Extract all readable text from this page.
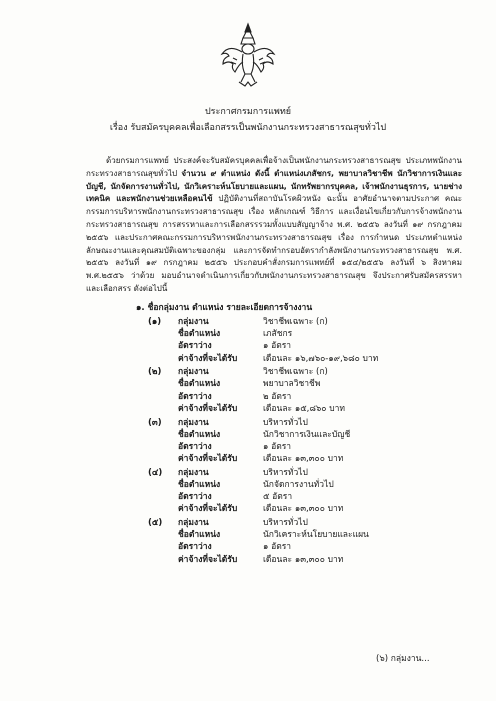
ประกาศกรมการแพทย์
เรื่อง รับสมัครบุคคลเพื่อเลือกสรรเป็นพนักงานกระทรวงสาธารณสุขทั่วไป
ด้วยกรมการแพทย์ ประสงค์จะรับสมัครบุคคลเพื่อจ้างเป็นพนักงานกระทรวงสาธารณสุข ประเภทพนักงานกระทรวงสาธารณสุขทั่วไป จำนวน ๙ ตำแหน่ง ดังนี้ ตำแหน่งเภสัชกร, พยาบาลวิชาชีพ นักวิชาการเงินและบัญชี, นักจัดการงานทั่วไป, นักวิเคราะห์นโยบายและแผน, นักทรัพยากรบุคคล, เจ้าพนักงานธุรการ, นายช่างเทคนิค และพนักงานช่วยเหลือคนไข้ ปฏิบัติงานที่สถาบันโรคผิวหนัง ฉะนั้น อาศัยอำนาจตามประกาศ คณะกรรมการบริหารพนักงานกระทรวงสาธารณสุข เรื่อง หลักเกณฑ์ วิธีการ และเงื่อนไขเกี่ยวกับการจ้างพนักงานกระทรวงสาธารณสุข การสรรหาและการเลือกสรรรวมทั้งแบบสัญญาจ้าง พ.ศ. ๒๕๕๖ ลงวันที่ ๑๙ กรกฎาคม ๒๕๕๖ และประกาศคณะกรรมการบริหารพนักงานกระทรวงสาธารณสุข เรื่อง การกำหนด ประเภทตำแหน่ง ลักษณะงานและคุณสมบัติเฉพาะของกลุ่ม และการจัดทำกรอบอัตรากำลังพนักงานกระทรวงสาธารณสุข พ.ศ. ๒๕๕๖ ลงวันที่ ๑๙ กรกฎาคม ๒๕๕๖ ประกอบคำสั่งกรมการแพทย์ที่ ๑๕๔/๒๕๕๖ ลงวันที่ ๖ สิงหาคม พ.ศ.๒๕๕๖ ว่าด้วย มอบอำนาจดำเนินการเกี่ยวกับพนักงานกระทรวงสาธารณสุข จึงประกาศรับสมัครสรรหาและเลือกสรร ดังต่อไปนี้
๑. ชื่อกลุ่มงาน ตำแหน่ง รายละเอียดการจ้างงาน
(๑) กลุ่มงาน	วิชาชีพเฉพาะ (ก)
ชื่อตำแหน่ง	เภสัชกร
อัตราว่าง	๑ อัตรา
ค่าจ้างที่จะได้รับ	เดือนละ ๑๖,๗๖๐-๑๙,๖๘๐ บาท
(๒) กลุ่มงาน	วิชาชีพเฉพาะ (ก)
ชื่อตำแหน่ง	พยาบาลวิชาชีพ
อัตราว่าง	๒ อัตรา
ค่าจ้างที่จะได้รับ	เดือนละ ๑๕,๘๖๐ บาท
(๓) กลุ่มงาน	บริหารทั่วไป
ชื่อตำแหน่ง	นักวิชาการเงินและบัญชี
อัตราว่าง	๑ อัตรา
ค่าจ้างที่จะได้รับ	เดือนละ ๑๓,๓๐๐ บาท
(๔) กลุ่มงาน	บริหารทั่วไป
ชื่อตำแหน่ง	นักจัดการงานทั่วไป
อัตราว่าง	๕ อัตรา
ค่าจ้างที่จะได้รับ	เดือนละ ๑๓,๓๐๐ บาท
(๕) กลุ่มงาน	บริหารทั่วไป
ชื่อตำแหน่ง	นักวิเคราะห์นโยบายและแผน
อัตราว่าง	๑ อัตรา
ค่าจ้างที่จะได้รับ	เดือนละ ๑๓,๓๐๐ บาท
(๖) กลุ่มงาน...
